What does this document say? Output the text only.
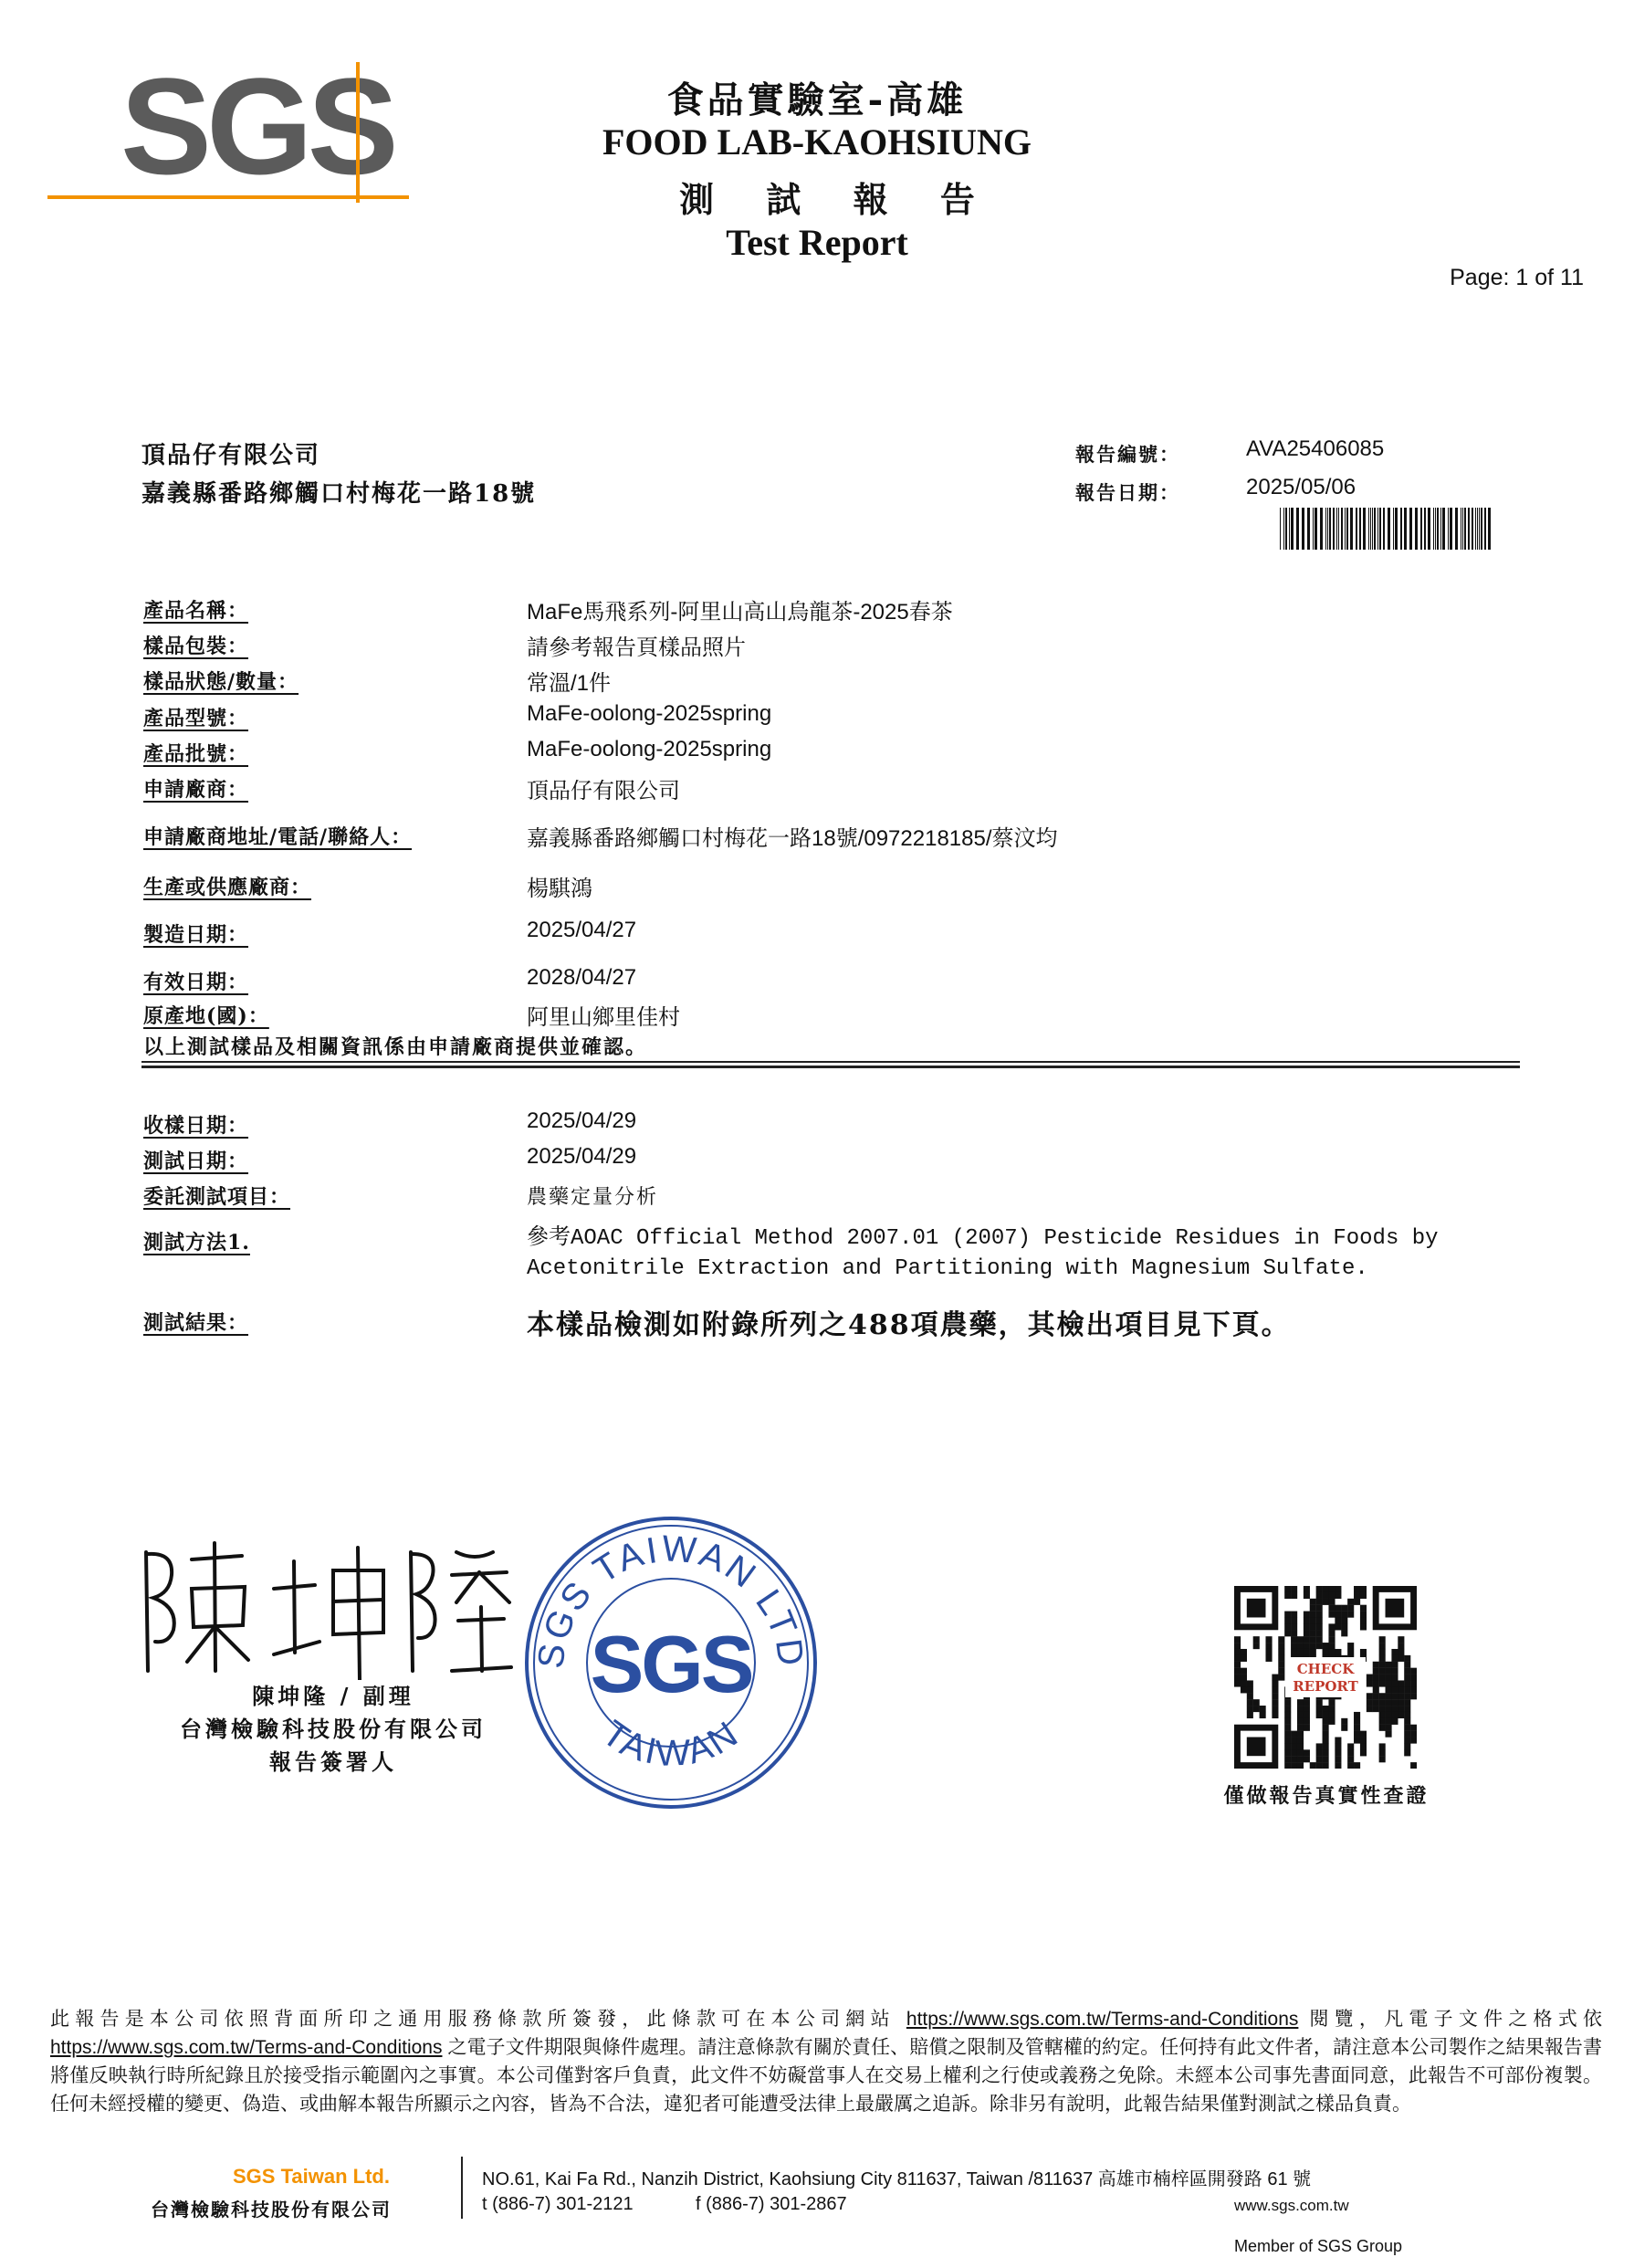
SGS	食品實驗室-高雄
FOOD LAB-KAOHSIUNG
測 試 報 告
Test Report
Page: 1 of 11
頂品仔有限公司
嘉義縣番路鄉觸口村梅花一路18號
報告編號：	AVA25406085
報告日期：	2025/05/06
產品名稱：	MaFe馬飛系列-阿里山高山烏龍茶-2025春茶
樣品包裝：	請參考報告頁樣品照片
樣品狀態/數量：	常溫/1件
產品型號：	MaFe-oolong-2025spring
產品批號：	MaFe-oolong-2025spring
申請廠商：	頂品仔有限公司
申請廠商地址/電話/聯絡人：	嘉義縣番路鄉觸口村梅花一路18號/0972218185/蔡汶均
生產或供應廠商：	楊騏鴻
製造日期：	2025/04/27
有效日期：	2028/04/27
原產地(國)：	阿里山鄉里佳村
以上測試樣品及相關資訊係由申請廠商提供並確認。
收樣日期：	2025/04/29
測試日期：	2025/04/29
委託測試項目：	農藥定量分析
測試方法1.	參考AOAC Official Method 2007.01 (2007) Pesticide Residues in Foods by Acetonitrile Extraction and Partitioning with Magnesium Sulfate.
測試結果：	本樣品檢測如附錄所列之488項農藥，其檢出項目見下頁。
陳坤隆 / 副理
台灣檢驗科技股份有限公司
報告簽署人
SGS TAIWAN LTD
TAIWAN
SGS	CHECK
REPORT
僅做報告真實性查證
此報告是本公司依照背面所印之通用服務條款所簽發，此條款可在本公司網站 https://www.sgs.com.tw/Terms-and-Conditions 閱覽，凡電子文件之格式依 https://www.sgs.com.tw/Terms-and-Conditions 之電子文件期限與條件處理。請注意條款有關於責任、賠償之限制及管轄權的約定。任何持有此文件者，請注意本公司製作之結果報告書將僅反映執行時所紀錄且於接受指示範圍內之事實。本公司僅對客戶負責，此文件不妨礙當事人在交易上權利之行使或義務之免除。未經本公司事先書面同意，此報告不可部份複製。任何未經授權的變更、偽造、或曲解本報告所顯示之內容，皆為不合法，違犯者可能遭受法律上最嚴厲之追訴。除非另有說明，此報告結果僅對測試之樣品負責。
SGS Taiwan Ltd.
台灣檢驗科技股份有限公司
NO.61, Kai Fa Rd., Nanzih District, Kaohsiung City 811637, Taiwan /811637 高雄市楠梓區開發路 61 號
t (886-7) 301-2121	f (886-7) 301-2867	www.sgs.com.tw
Member of SGS Group
